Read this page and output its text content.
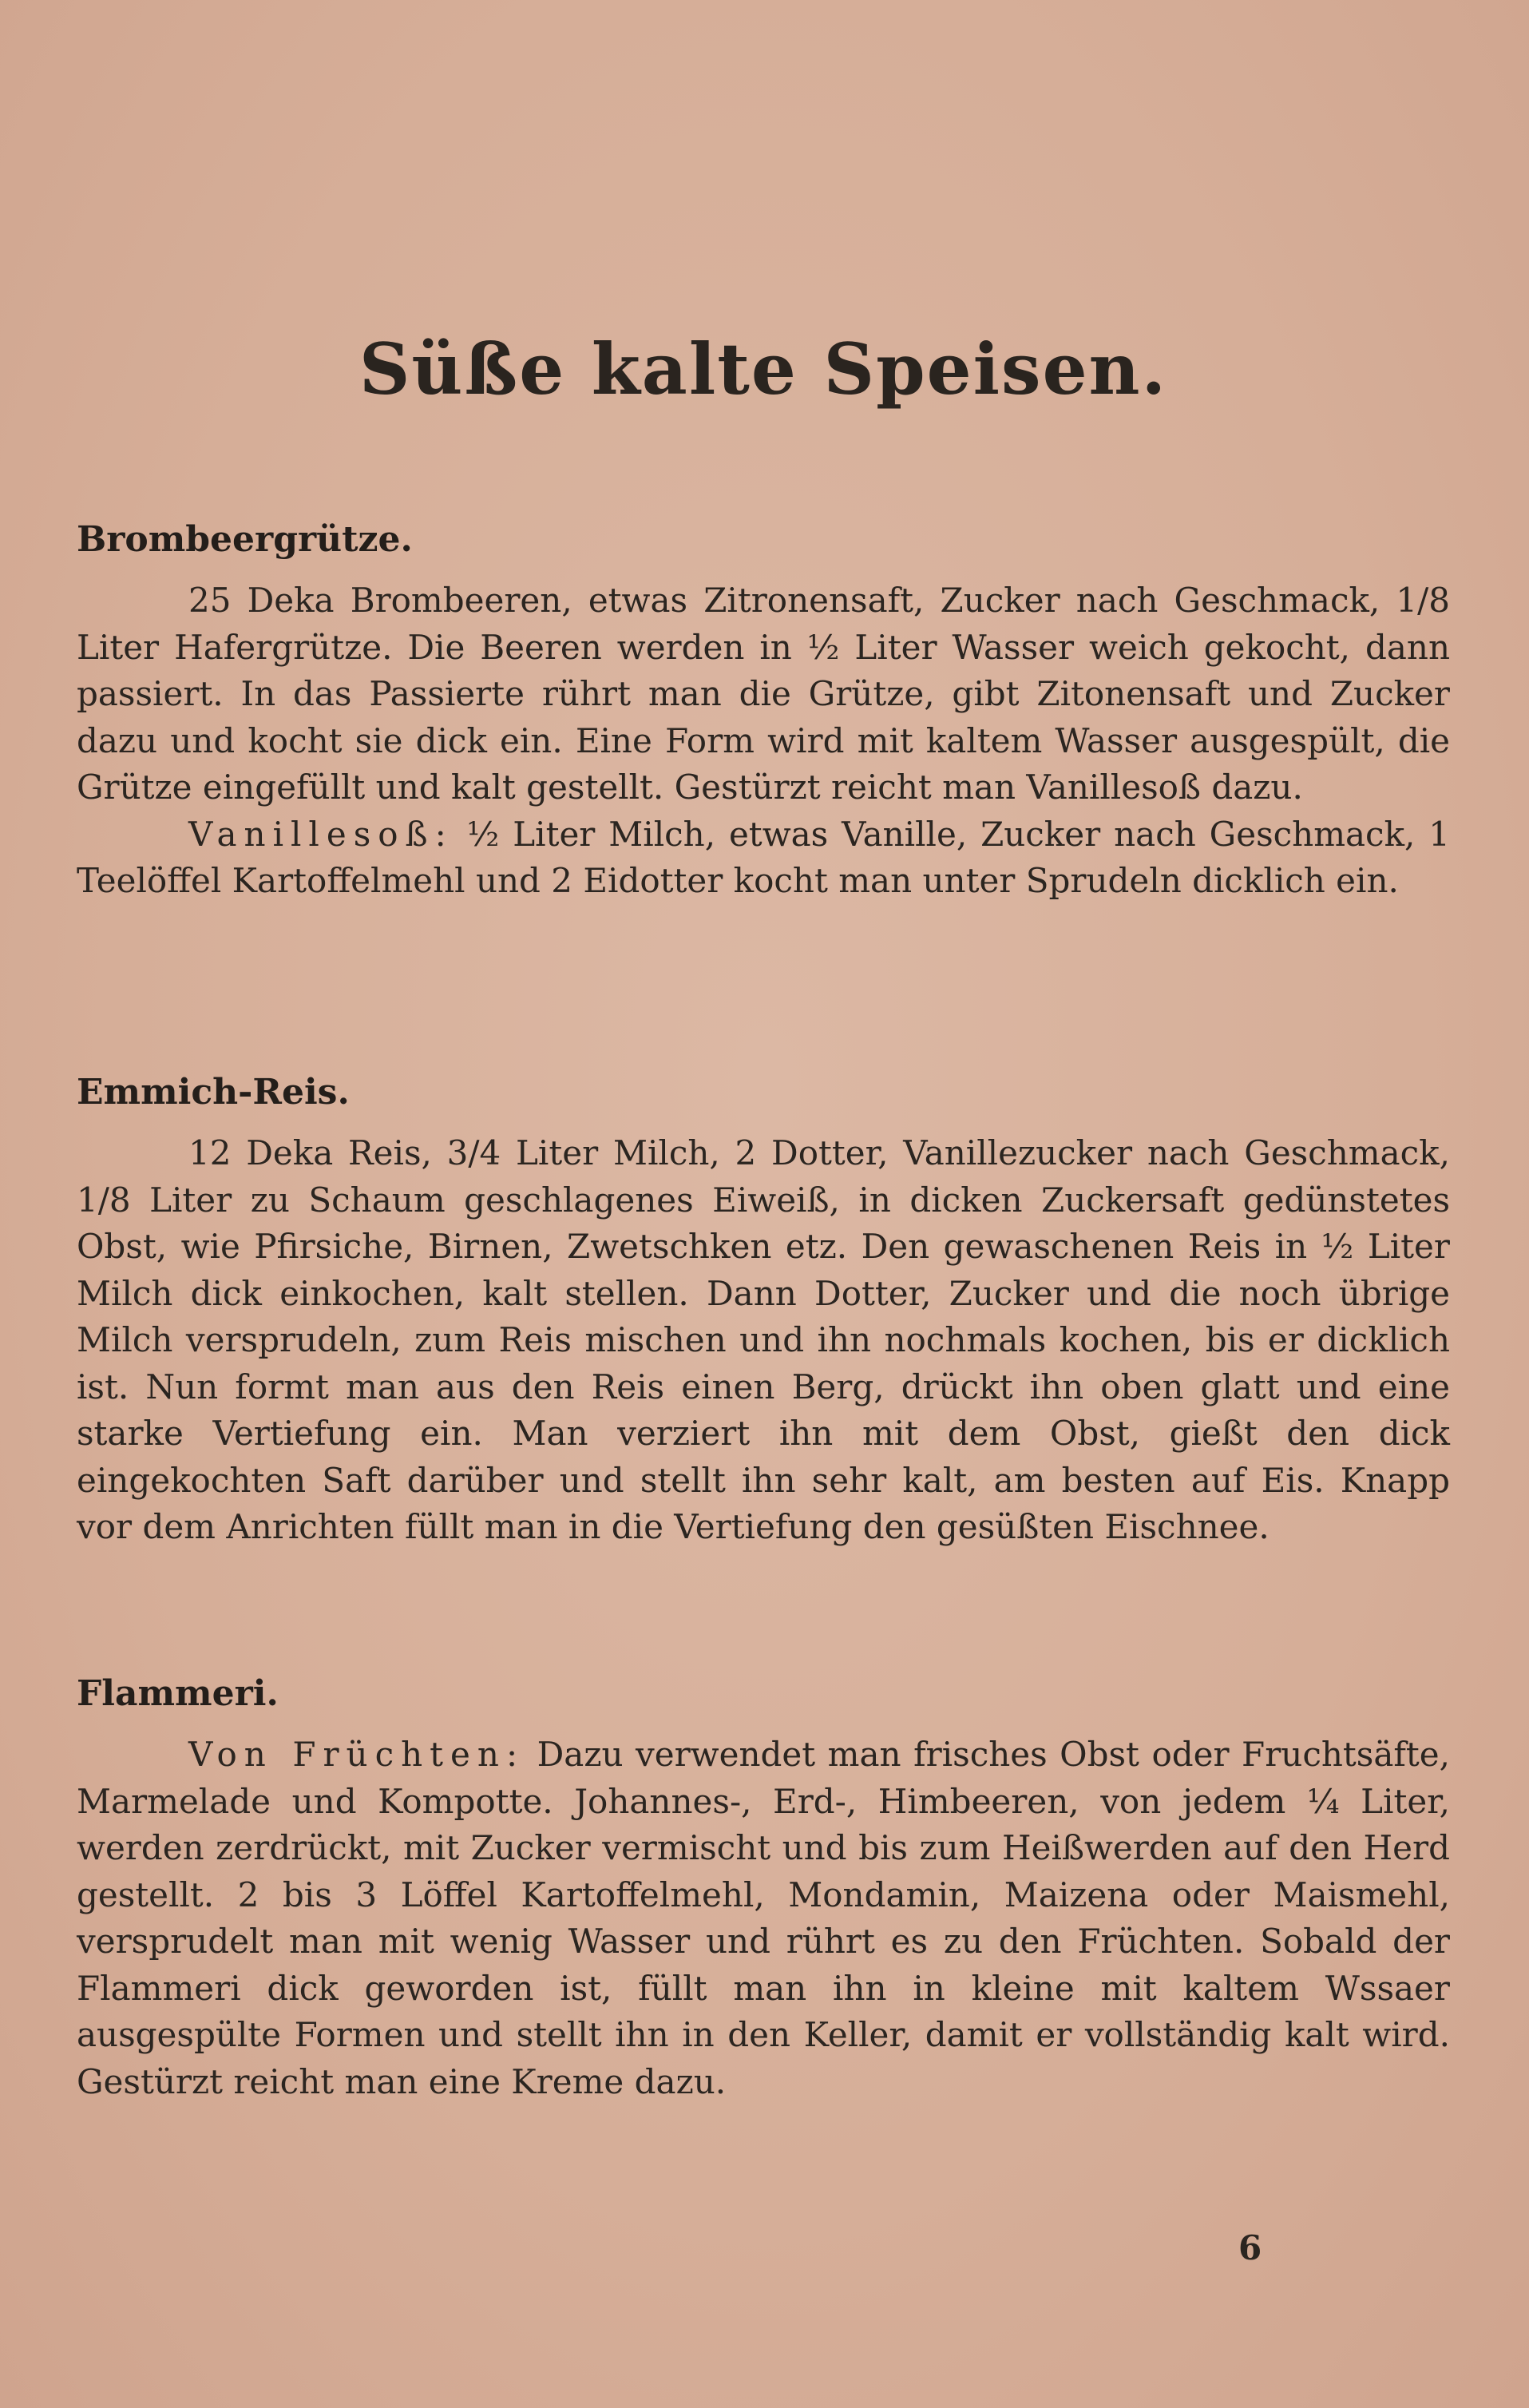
Süße kalte Speisen.
Brombeergrütze.

25 Deka Brombeeren, etwas Zitronensaft, Zucker nach Geschmack, 1/8 Liter Hafergrütze. Die Beeren werden in ½ Liter Wasser weich gekocht, dann passiert. In das Passierte rührt man die Grütze, gibt Zitonensaft und Zucker dazu und kocht sie dick ein. Eine Form wird mit kaltem Wasser ausgespült, die Grütze eingefüllt und kalt gestellt. Gestürzt reicht man Vanillesoß dazu.

Vanillesoß: ½ Liter Milch, etwas Vanille, Zucker nach Geschmack, 1 Teelöffel Kartoffelmehl und 2 Eidotter kocht man unter Sprudeln dicklich ein.

Emmich-Reis.

12 Deka Reis, 3/4 Liter Milch, 2 Dotter, Vanillezucker nach Geschmack, 1/8 Liter zu Schaum geschlagenes Eiweiß, in dicken Zuckersaft gedünstetes Obst, wie Pfirsiche, Birnen, Zwetschken etz. Den gewaschenen Reis in ½ Liter Milch dick einkochen, kalt stellen. Dann Dotter, Zucker und die noch übrige Milch versprudeln, zum Reis mischen und ihn nochmals kochen, bis er dicklich ist. Nun formt man aus den Reis einen Berg, drückt ihn oben glatt und eine starke Vertiefung ein. Man verziert ihn mit dem Obst, gießt den dick eingekochten Saft darüber und stellt ihn sehr kalt, am besten auf Eis. Knapp vor dem Anrichten füllt man in die Vertiefung den gesüßten Eischnee.

Flammeri.

Von Früchten: Dazu verwendet man frisches Obst oder Fruchtsäfte, Marmelade und Kompotte. Johannes-, Erd-, Himbeeren, von jedem ¼ Liter, werden zerdrückt, mit Zucker vermischt und bis zum Heißwerden auf den Herd gestellt. 2 bis 3 Löffel Kartoffelmehl, Mondamin, Maizena oder Maismehl, versprudelt man mit wenig Wasser und rührt es zu den Früchten. Sobald der Flammeri dick geworden ist, füllt man ihn in kleine mit kaltem Wssaer ausgespülte Formen und stellt ihn in den Keller, damit er vollständig kalt wird. Gestürzt reicht man eine Kreme dazu.

6
